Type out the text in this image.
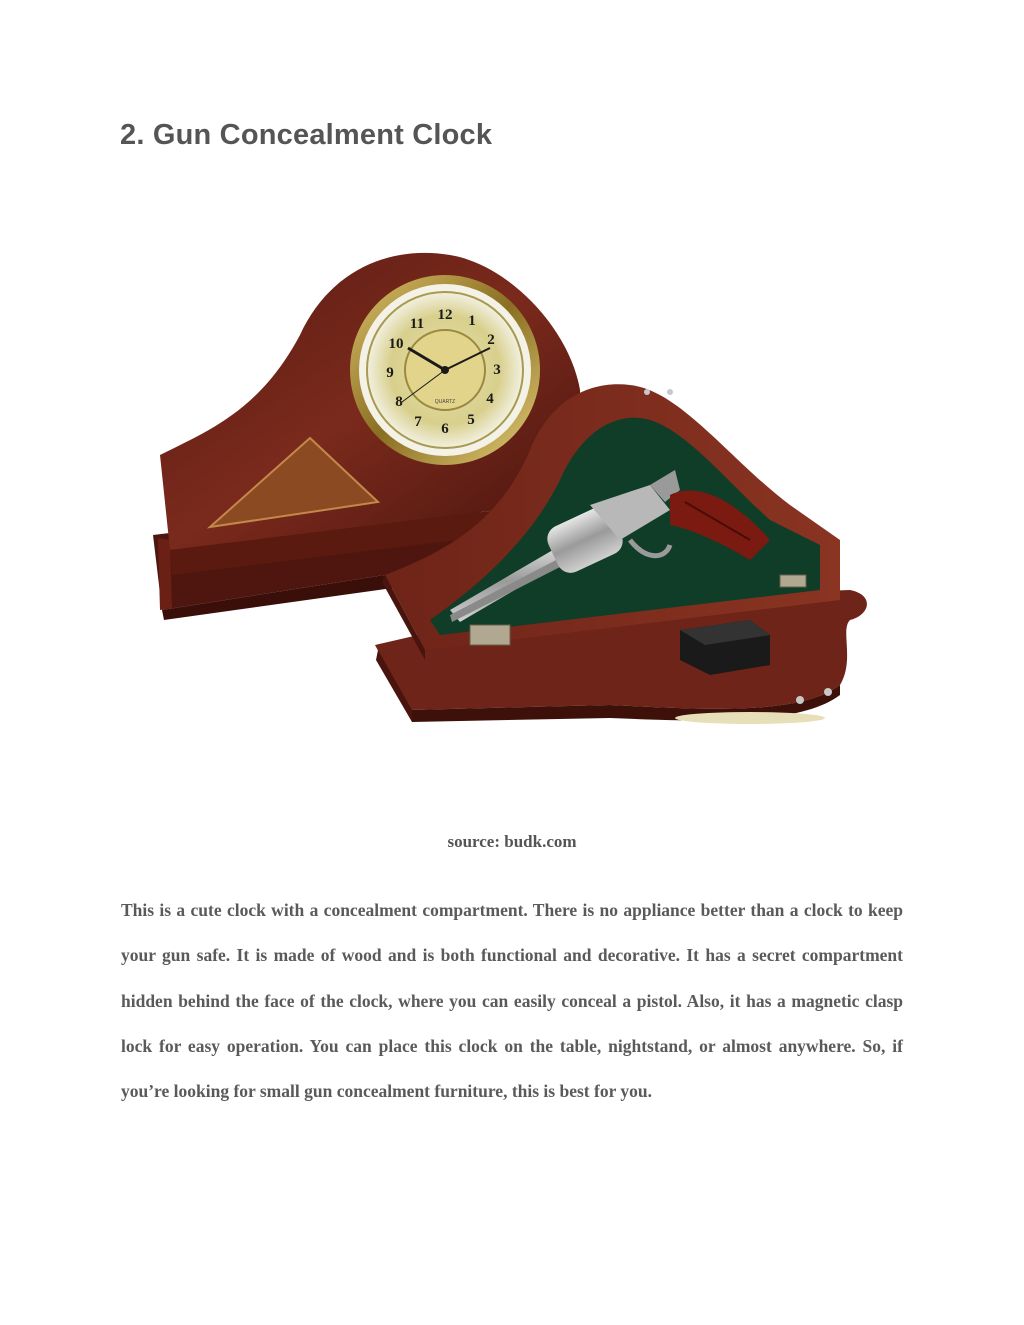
2. Gun Concealment Clock
12 1
2
3
4
5
6
7
8
9
10
11
QUARTZ
source: budk.com

This is a cute clock with a concealment compartment. There is no appliance better than a clock to keep your gun safe. It is made of wood and is both functional and decorative. It has a secret compartment hidden behind the face of the clock, where you can easily conceal a pistol. Also, it has a magnetic clasp lock for easy operation. You can place this clock on the table, nightstand, or almost anywhere. So, if you’re looking for small gun concealment furniture, this is best for you.
